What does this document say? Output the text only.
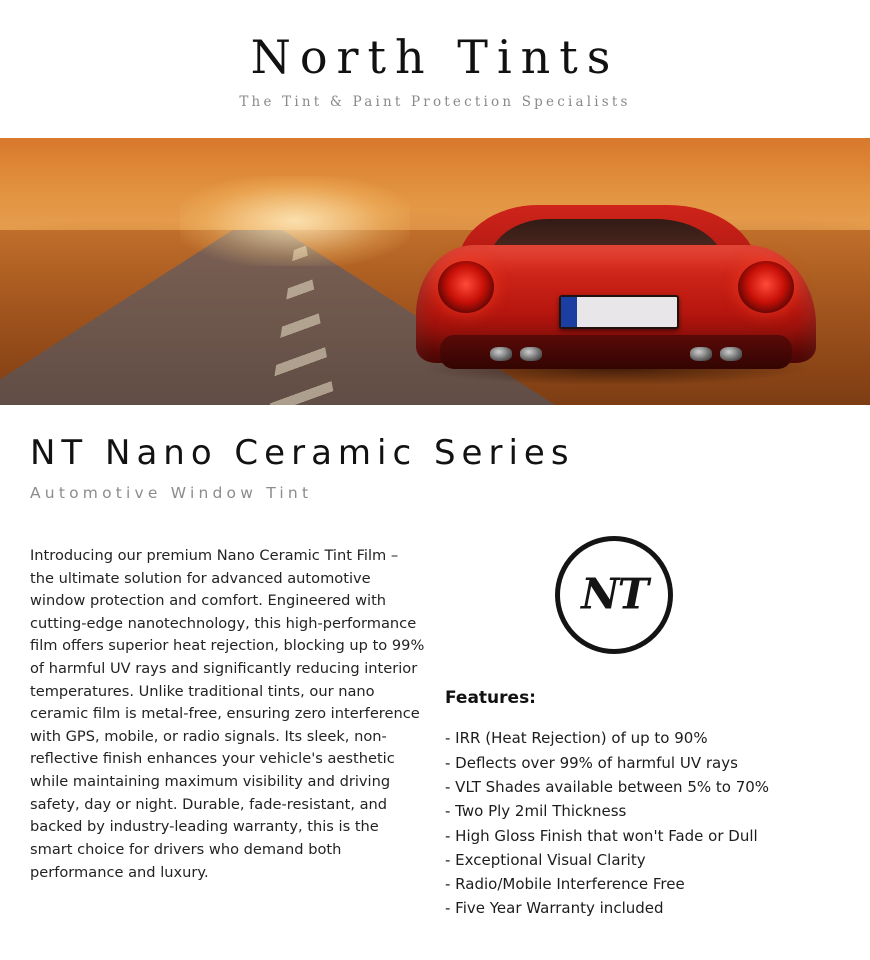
North Tints
The Tint & Paint Protection Specialists
NT Nano Ceramic Series
Automotive Window Tint

Introducing our premium Nano Ceramic Tint Film – the ultimate solution for advanced automotive window protection and comfort. Engineered with cutting-edge nanotechnology, this high-performance film offers superior heat rejection, blocking up to 99% of harmful UV rays and significantly reducing interior temperatures. Unlike traditional tints, our nano ceramic film is metal-free, ensuring zero interference with GPS, mobile, or radio signals. Its sleek, non-reflective finish enhances your vehicle's aesthetic while maintaining maximum visibility and driving safety, day or night. Durable, fade-resistant, and backed by industry-leading warranty, this is the smart choice for drivers who demand both performance and luxury.

NT
Features:
- IRR (Heat Rejection) of up to 90%
- Deflects over 99% of harmful UV rays
- VLT Shades available between 5% to 70%
- Two Ply 2mil Thickness
- High Gloss Finish that won't Fade or Dull
- Exceptional Visual Clarity
- Radio/Mobile Interference Free
- Five Year Warranty included
